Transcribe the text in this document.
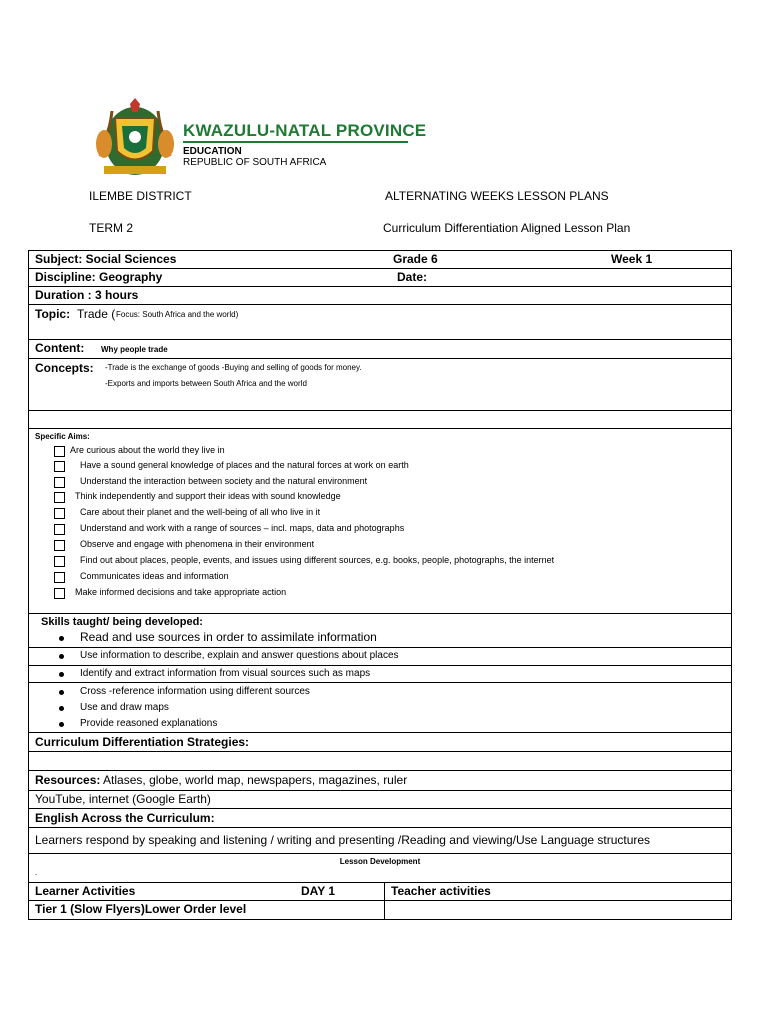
KWAZULU-NATAL PROVINCE
EDUCATION
REPUBLIC OF SOUTH AFRICA
ILEMBE DISTRICT	ALTERNATING WEEKS LESSON PLANS
TERM 2	Curriculum Differentiation Aligned Lesson Plan
Subject: Social Sciences	Grade 6	Week 1
Discipline: Geography	Date:
Duration : 3 hours
Topic: Trade ( Focus: South Africa and the world)
Content: Why people trade
Concepts: -Trade is the exchange of goods -Buying and selling of goods for money.
-Exports and imports between South Africa and the world
Specific Aims:
Are curious about the world they live in
Have a sound general knowledge of places and the natural forces at work on earth
Understand the interaction between society and the natural environment
Think independently and support their ideas with sound knowledge
Care about their planet and the well-being of all who live in it
Understand and work with a range of sources – incl. maps, data and photographs
Observe and engage with phenomena in their environment
Find out about places, people, events, and issues using different sources, e.g. books, people, photographs, the internet
Communicates ideas and information
Make informed decisions and take appropriate action
Skills taught/ being developed:
Read and use sources in order to assimilate information
Use information to describe, explain and answer questions about places
Identify and extract information from visual sources such as maps
Cross -reference information using different sources
Use and draw maps
Provide reasoned explanations
Curriculum Differentiation Strategies:
Resources: Atlases, globe, world map, newspapers, magazines, ruler
YouTube, internet (Google Earth)
English Across the Curriculum:
Learners respond by speaking and listening / writing and presenting /Reading and viewing/Use Language structures
Lesson Development
.
Learner Activities	DAY 1	Teacher activities
Tier 1 (Slow Flyers)Lower Order level
